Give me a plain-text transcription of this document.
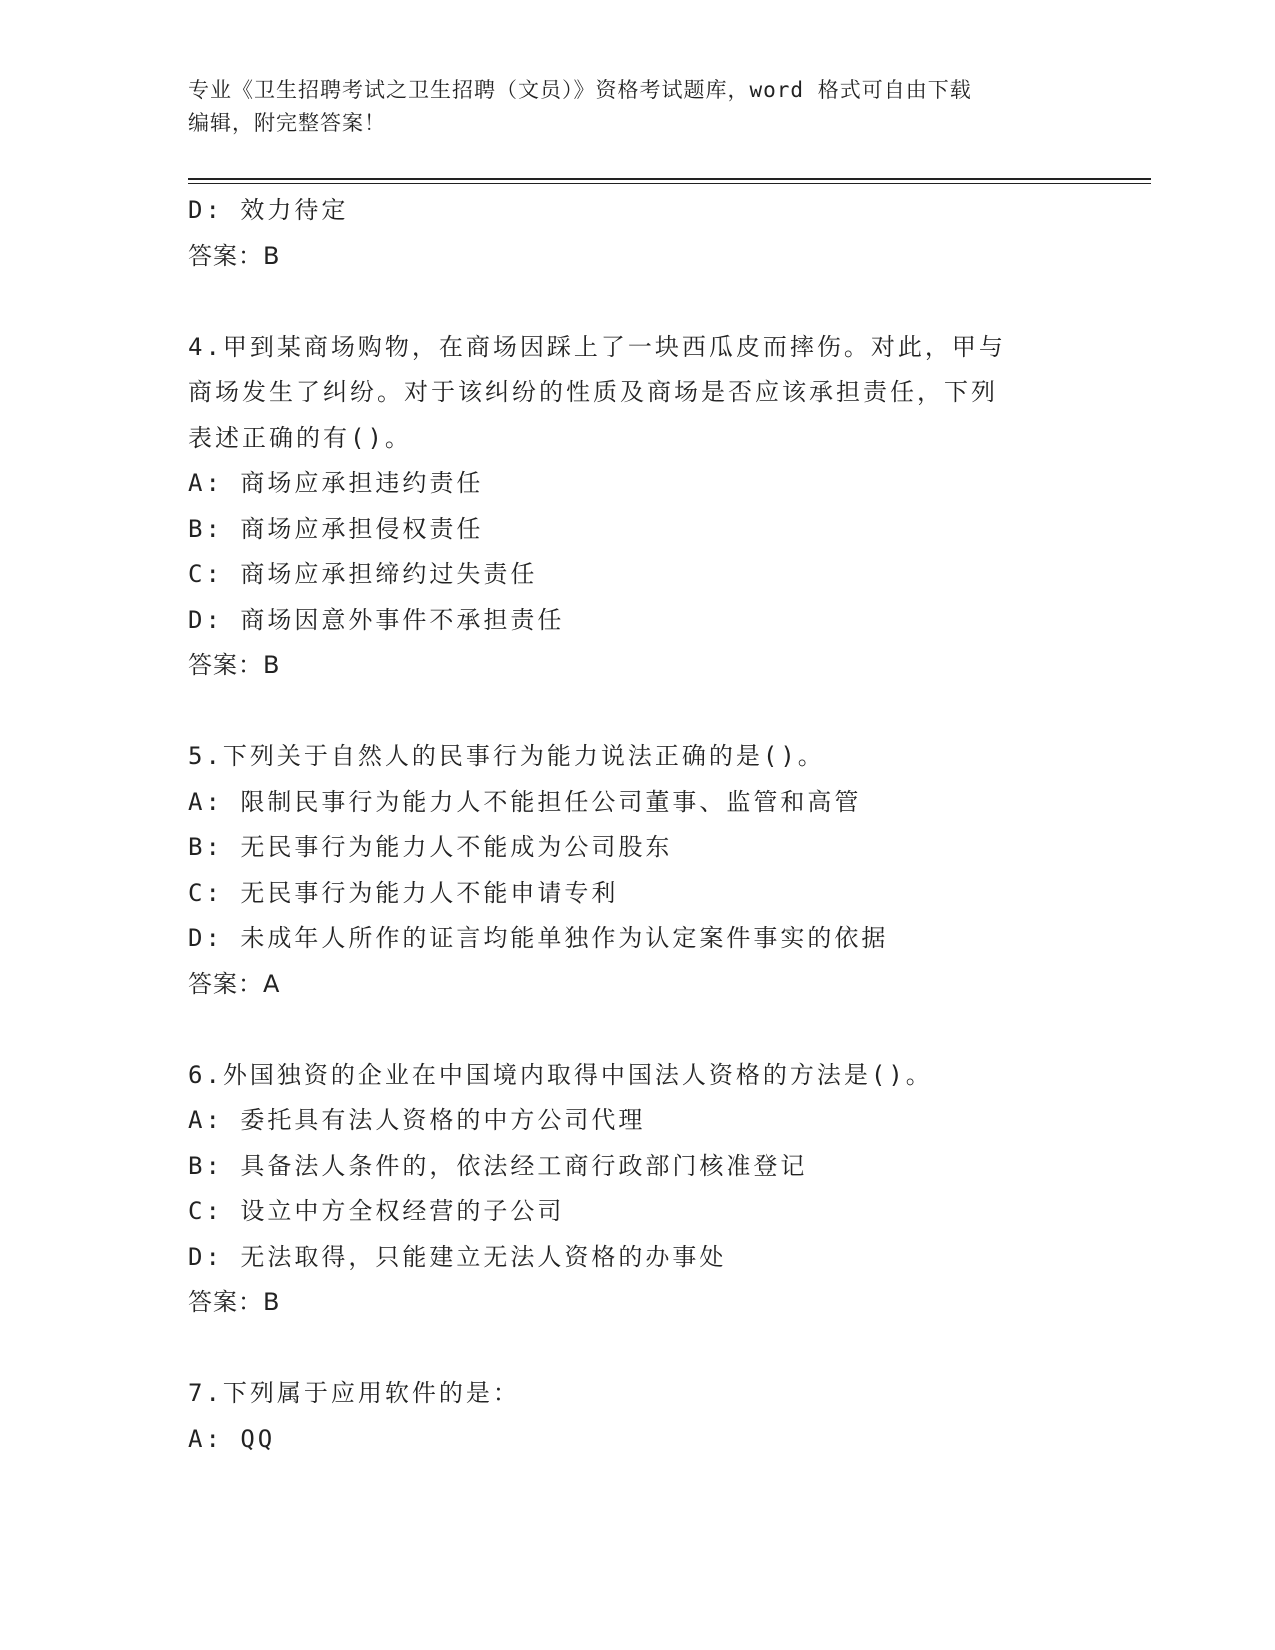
专业《卫生招聘考试之卫生招聘（文员）》资格考试题库，word 格式可自由下载
编辑，附完整答案！
D: 效力待定
答案：B
4.甲到某商场购物，在商场因踩上了一块西瓜皮而摔伤。对此，甲与
商场发生了纠纷。对于该纠纷的性质及商场是否应该承担责任，下列
表述正确的有()。
A: 商场应承担违约责任
B: 商场应承担侵权责任
C: 商场应承担缔约过失责任
D: 商场因意外事件不承担责任
答案：B
5.下列关于自然人的民事行为能力说法正确的是()。
A: 限制民事行为能力人不能担任公司董事、监管和高管
B: 无民事行为能力人不能成为公司股东
C: 无民事行为能力人不能申请专利
D: 未成年人所作的证言均能单独作为认定案件事实的依据
答案：A
6.外国独资的企业在中国境内取得中国法人资格的方法是()。
A: 委托具有法人资格的中方公司代理
B: 具备法人条件的，依法经工商行政部门核准登记
C: 设立中方全权经营的子公司
D: 无法取得，只能建立无法人资格的办事处
答案：B
7.下列属于应用软件的是：
A: QQ
